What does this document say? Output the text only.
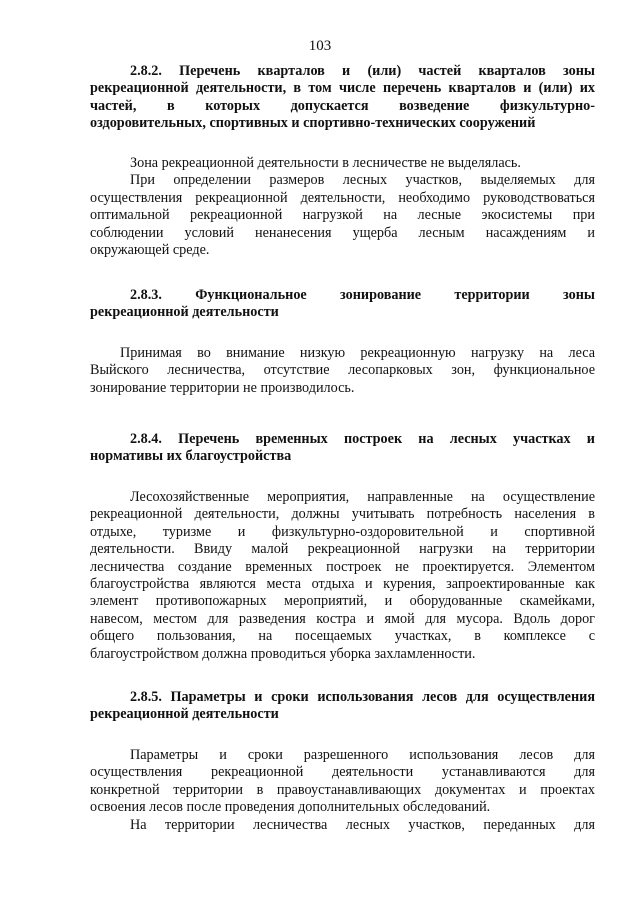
103
2.8.2. Перечень кварталов и (или) частей кварталов зоны
рекреационной деятельности, в том числе перечень кварталов и (или) их
частей, в которых допускается возведение физкультурно-
оздоровительных, спортивных и спортивно-технических сооружений
Зона рекреационной деятельности в лесничестве не выделялась.
При определении размеров лесных участков, выделяемых для
осуществления рекреационной деятельности, необходимо руководствоваться
оптимальной рекреационной нагрузкой на лесные экосистемы при
соблюдении условий ненанесения ущерба лесным насаждениям и
окружающей среде.
2.8.3. Функциональное зонирование территории зоны
рекреационной деятельности
Принимая во внимание низкую рекреационную нагрузку на леса
Выйского лесничества, отсутствие лесопарковых зон, функциональное
зонирование территории не производилось.
2.8.4. Перечень временных построек на лесных участках и
нормативы их благоустройства
Лесохозяйственные мероприятия, направленные на осуществление
рекреационной деятельности, должны учитывать потребность населения в
отдыхе, туризме и физкультурно-оздоровительной и спортивной
деятельности. Ввиду малой рекреационной нагрузки на территории
лесничества создание временных построек не проектируется. Элементом
благоустройства являются места отдыха и курения, запроектированные как
элемент противопожарных мероприятий, и оборудованные скамейками,
навесом, местом для разведения костра и ямой для мусора. Вдоль дорог
общего пользования, на посещаемых участках, в комплексе с
благоустройством должна проводиться уборка захламленности.
2.8.5. Параметры и сроки использования лесов для осуществления
рекреационной деятельности
Параметры и сроки разрешенного использования лесов для
осуществления рекреационной деятельности устанавливаются для
конкретной территории в правоустанавливающих документах и проектах
освоения лесов после проведения дополнительных обследований.
На территории лесничества лесных участков, переданных для
